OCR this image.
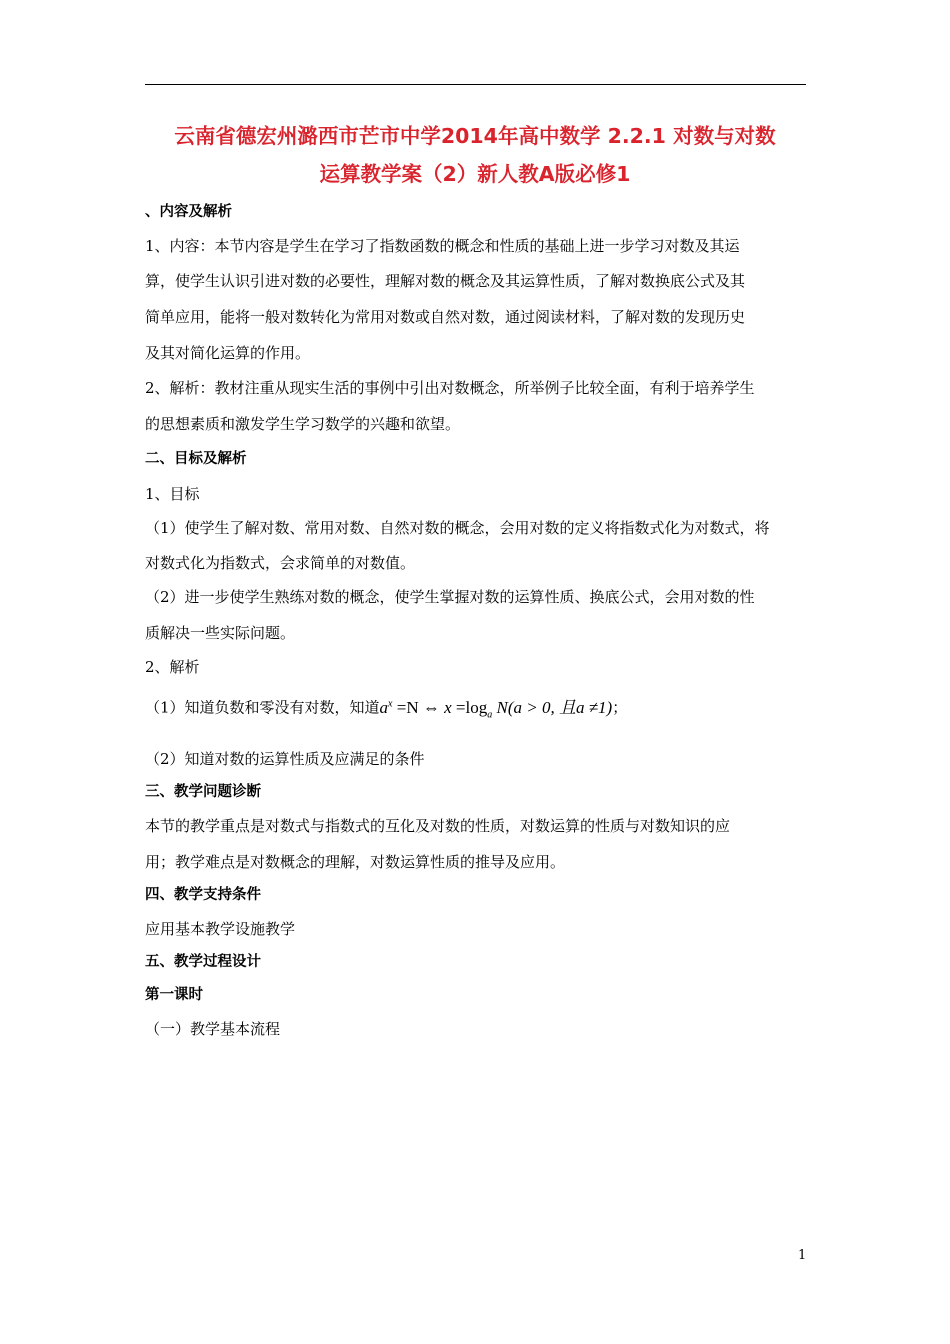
云南省德宏州潞西市芒市中学2014年高中数学 2.2.1 对数与对数
运算教学案（2）新人教A版必修1
、内容及解析
1、内容：本节内容是学生在学习了指数函数的概念和性质的基础上进一步学习对数及其运
算，使学生认识引进对数的必要性，理解对数的概念及其运算性质，了解对数换底公式及其
简单应用，能将一般对数转化为常用对数或自然对数，通过阅读材料，了解对数的发现历史
及其对简化运算的作用。
2、解析：教材注重从现实生活的事例中引出对数概念，所举例子比较全面，有利于培养学生
的思想素质和激发学生学习数学的兴趣和欲望。
二、目标及解析
1、目标
（1）使学生了解对数、常用对数、自然对数的概念，会用对数的定义将指数式化为对数式，将
对数式化为指数式，会求简单的对数值。
（2）进一步使学生熟练对数的概念，使学生掌握对数的运算性质、换底公式，会用对数的性
质解决一些实际问题。
2、解析
（1）知道负数和零没有对数，知道$a^x =N$ ⇔ $x =\log_a$ N(a > 0, 且a ≠1)；
（2）知道对数的运算性质及应满足的条件
三、教学问题诊断
本节的教学重点是对数式与指数式的互化及对数的性质，对数运算的性质与对数知识的应
用；教学难点是对数概念的理解，对数运算性质的推导及应用。
四、教学支持条件
应用基本教学设施教学
五、教学过程设计
第一课时
（一）教学基本流程
1
